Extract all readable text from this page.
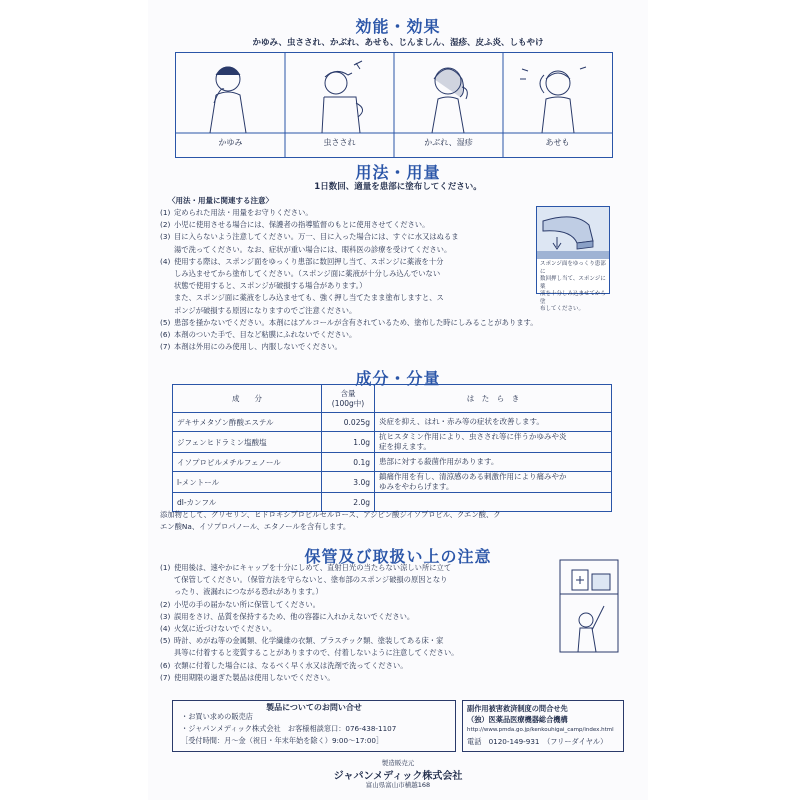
効能・効果
かゆみ、虫さされ、かぶれ、あせも、じんましん、湿疹、皮ふ炎、しもやけ
かゆみ	虫さされ	かぶれ、湿疹	あせも
用法・用量
1日数回、適量を患部に塗布してください。
〈用法・用量に関連する注意〉
(1) 定められた用法・用量をお守りください。
(2) 小児に使用させる場合には、保護者の指導監督のもとに使用させてください。
(3) 目に入らないよう注意してください。万一、目に入った場合には、すぐに水又はぬるま
湯で洗ってください。なお、症状が重い場合には、眼科医の診療を受けてください。
(4) 使用する際は、スポンジ面をゆっくり患部に数回押し当て、スポンジに薬液を十分
しみ込ませてから塗布してください。（スポンジ面に薬液が十分しみ込んでいない
状態で使用すると、スポンジが破損する場合があります。）
また、スポンジ面に薬液をしみ込ませても、強く押し当てたまま塗布しますと、ス
ポンジが破損する原因になりますのでご注意ください。
(5) 患部を掻かないでください。本剤にはアルコールが含有されているため、塗布した時にしみることがあります。
(6) 本剤のついた手で、目など粘膜にふれないでください。
(7) 本剤は外用にのみ使用し、内服しないでください。
スポンジ面をゆっくり患部に
数回押し当て、スポンジに薬
液を十分しみ込ませてから塗
布してください。
成分・分量
成　　分	含量
(100g中)	は　た　ら　き
デキサメタゾン酢酸エステル	0.025g	炎症を抑え、はれ・赤み等の症状を改善します。

ジフェンヒドラミン塩酸塩	1.0g	抗ヒスタミン作用により、虫さされ等に伴うかゆみや炎
症を抑えます。

イソプロピルメチルフェノール	0.1g	患部に対する殺菌作用があります。

l-メントール	3.0g	鎮痛作用を有し、清涼感のある刺激作用により痛みやか
ゆみをやわらげます。

dl-カンフル	2.0g	
添加物として、グリセリン、ヒドロキシプロピルセルロース、アジピン酸ジイソプロピル、クエン酸、ク
エン酸Na、イソプロパノール、エタノールを含有します。
保管及び取扱い上の注意
(1) 使用後は、速やかにキャップを十分にしめて、直射日光の当たらない涼しい所に立て
て保管してください。（保管方法を守らないと、塗布部のスポンジ破損の原因となり
ったり、液漏れにつながる恐れがあります。）
(2) 小児の手の届かない所に保管してください。
(3) 誤用をさけ、品質を保持するため、他の容器に入れかえないでください。
(4) 火気に近づけないでください。
(5) 時計、めがね等の金属類、化学繊維の衣類、プラスチック類、塗装してある床・家
具等に付着すると変質することがありますので、付着しないように注意してください。
(6) 衣類に付着した場合には、なるべく早く水又は洗剤で洗ってください。
(7) 使用期限の過ぎた製品は使用しないでください。
製品についてのお問い合せ
・お買い求めの販売店
・ジャパンメディック株式会社　お客様相談窓口：076-438-1107
［受付時間：月～金（祝日・年末年始を除く）9:00～17:00］
副作用被害救済制度の問合せ先
（独）医薬品医療機器総合機構
http://www.pmda.go.jp/kenkouhigai_camp/index.html
電話　0120-149-931　（フリーダイヤル）
製造販売元
ジャパンメディック株式会社
富山県富山市横越168
